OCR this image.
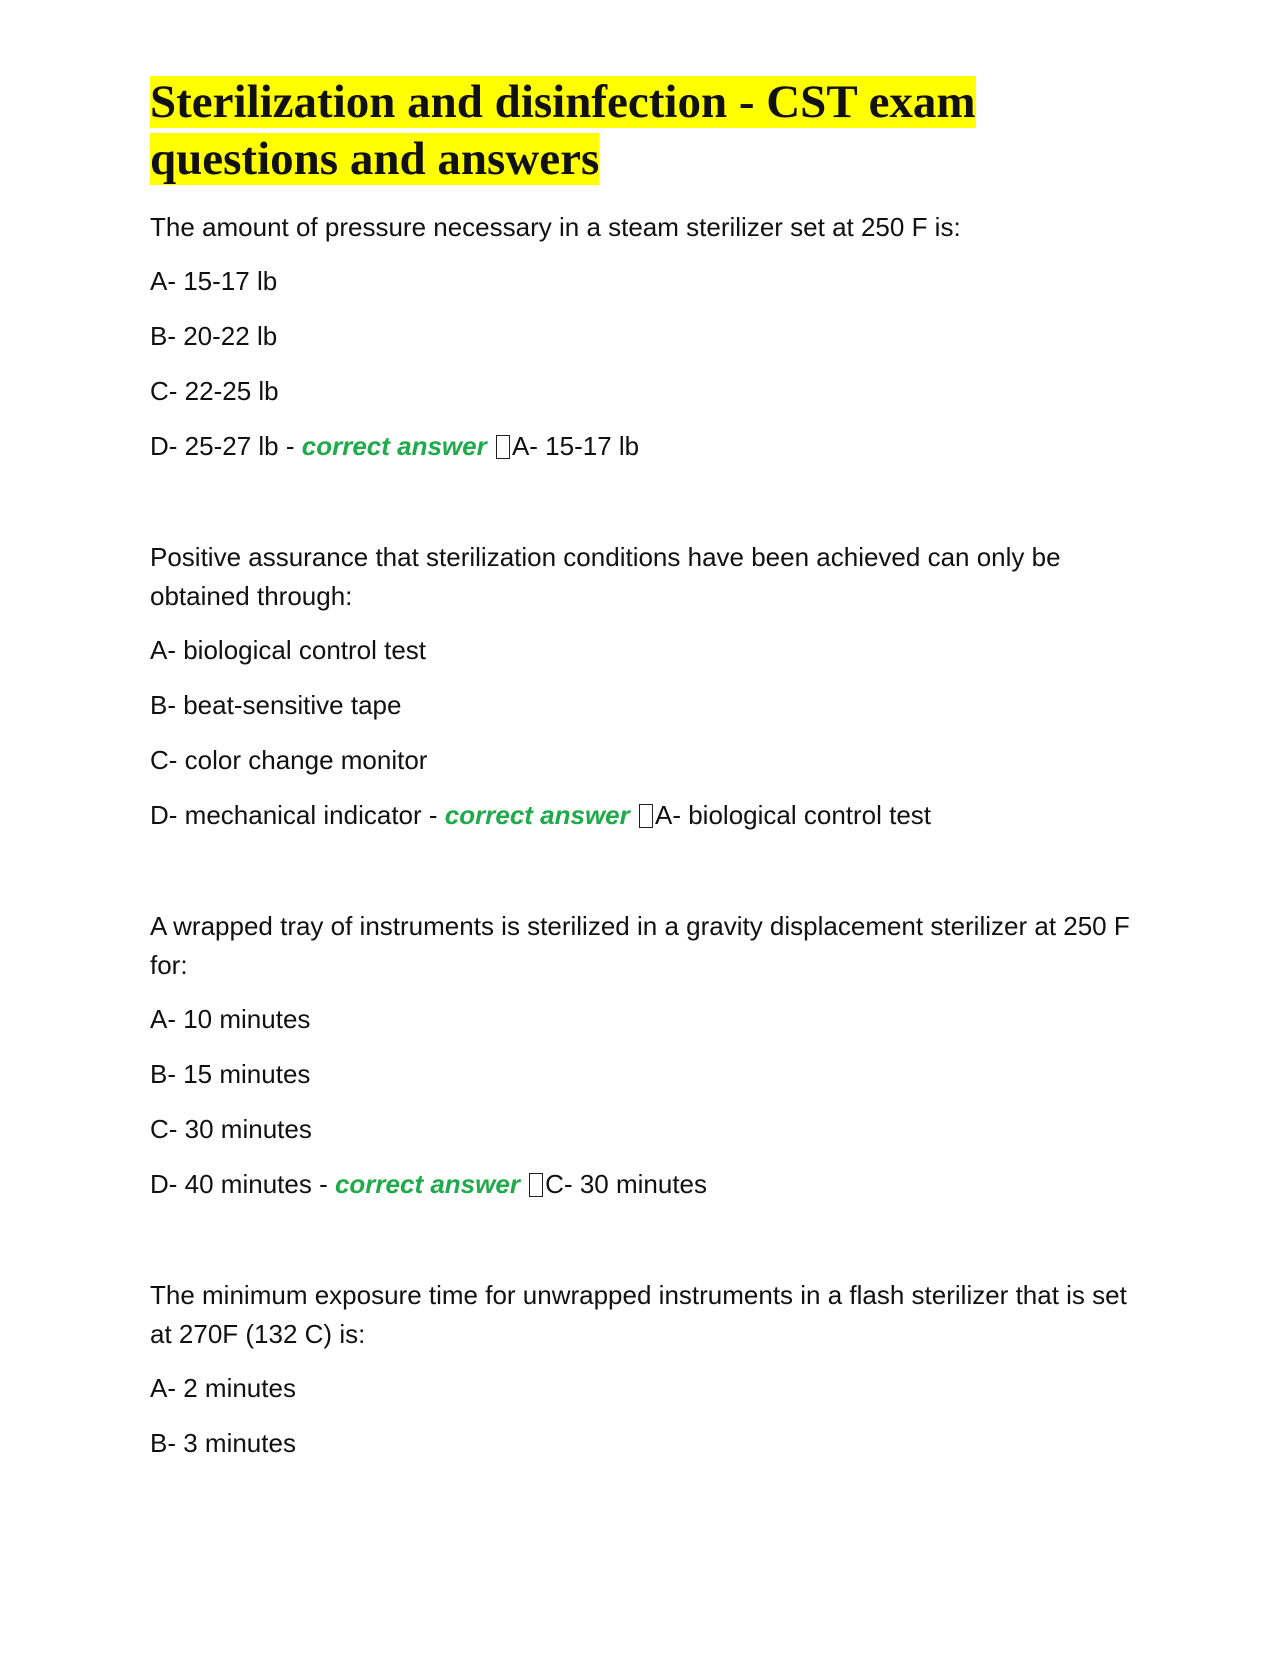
Sterilization and disinfection - CST exam questions and answers

The amount of pressure necessary in a steam sterilizer set at 250 F is:

A- 15-17 lb

B- 20-22 lb

C- 22-25 lb

D- 25-27 lb - correct answer A- 15-17 lb

Positive assurance that sterilization conditions have been achieved can only be obtained through:

A- biological control test

B- beat-sensitive tape

C- color change monitor

D- mechanical indicator - correct answer A- biological control test

A wrapped tray of instruments is sterilized in a gravity displacement sterilizer at 250 F for:

A- 10 minutes

B- 15 minutes

C- 30 minutes

D- 40 minutes - correct answer C- 30 minutes

The minimum exposure time for unwrapped instruments in a flash sterilizer that is set at 270F (132 C) is:

A- 2 minutes

B- 3 minutes
